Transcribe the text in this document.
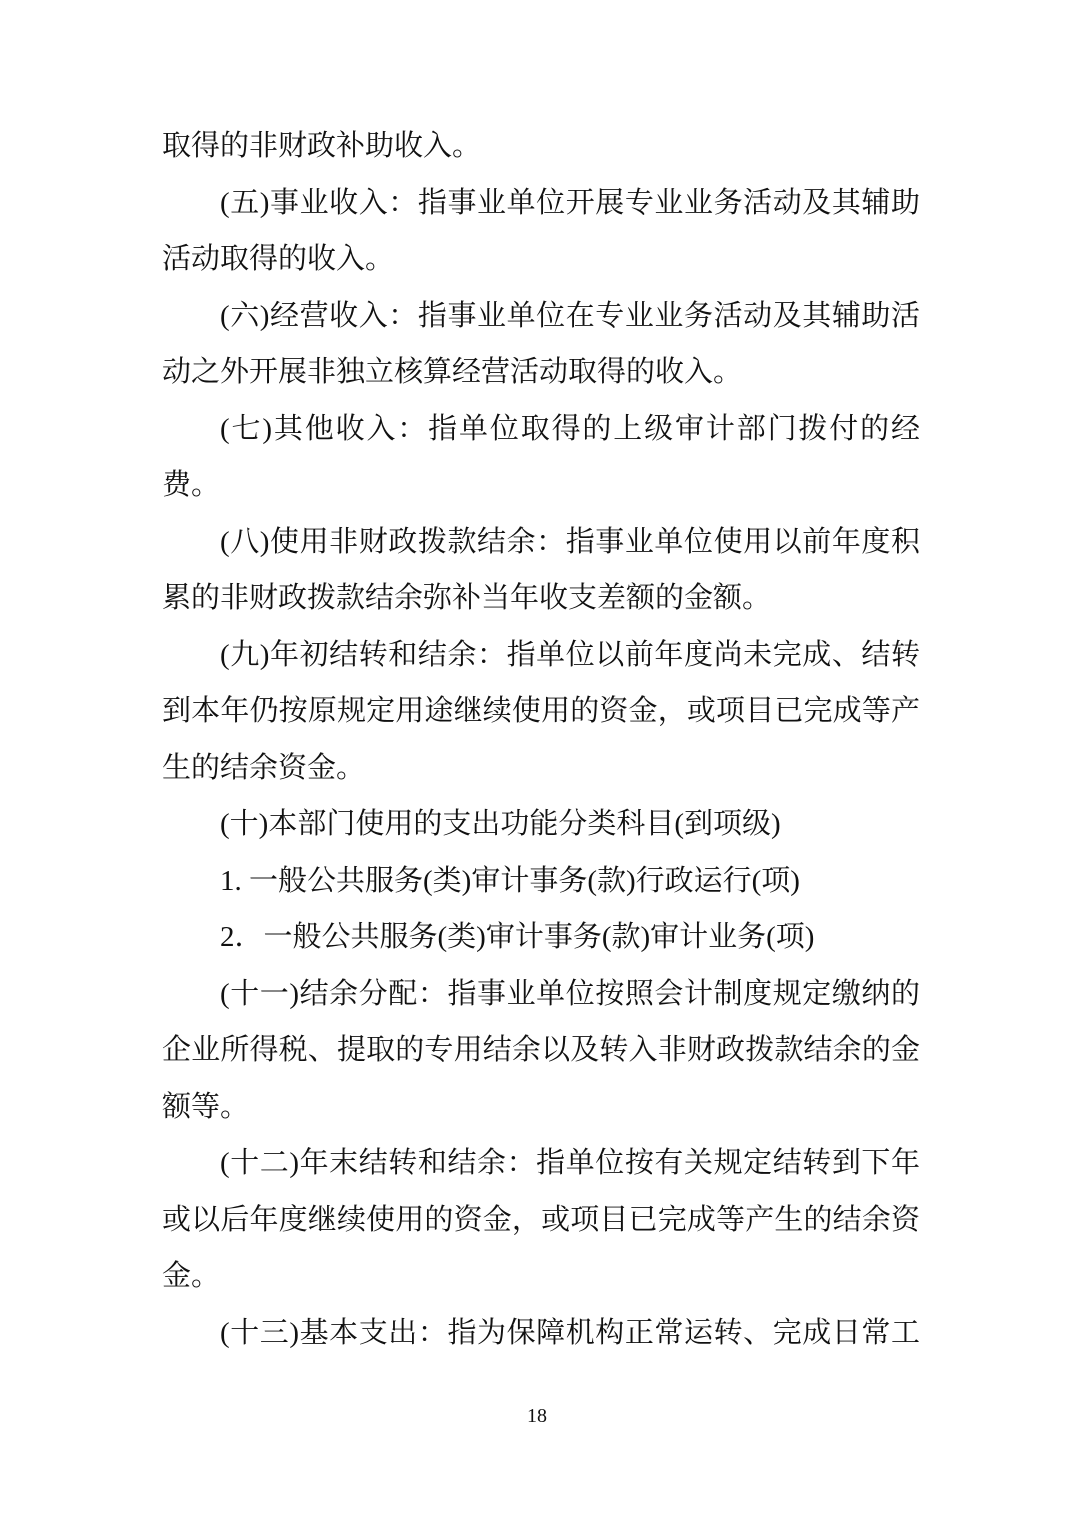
取得的非财政补助收入。
(五)事业收入：指事业单位开展专业业务活动及其辅助
活动取得的收入。
(六)经营收入：指事业单位在专业业务活动及其辅助活
动之外开展非独立核算经营活动取得的收入。
(七)其他收入：指单位取得的上级审计部门拨付的经
费。
(八)使用非财政拨款结余：指事业单位使用以前年度积
累的非财政拨款结余弥补当年收支差额的金额。
(九)年初结转和结余：指单位以前年度尚未完成、结转
到本年仍按原规定用途继续使用的资金，或项目已完成等产
生的结余资金。
(十)本部门使用的支出功能分类科目(到项级)
1. 一般公共服务(类)审计事务(款)行政运行(项)
2．一般公共服务(类)审计事务(款)审计业务(项)
(十一)结余分配：指事业单位按照会计制度规定缴纳的
企业所得税、提取的专用结余以及转入非财政拨款结余的金
额等。
(十二)年末结转和结余：指单位按有关规定结转到下年
或以后年度继续使用的资金，或项目已完成等产生的结余资
金。
(十三)基本支出：指为保障机构正常运转、完成日常工
18
